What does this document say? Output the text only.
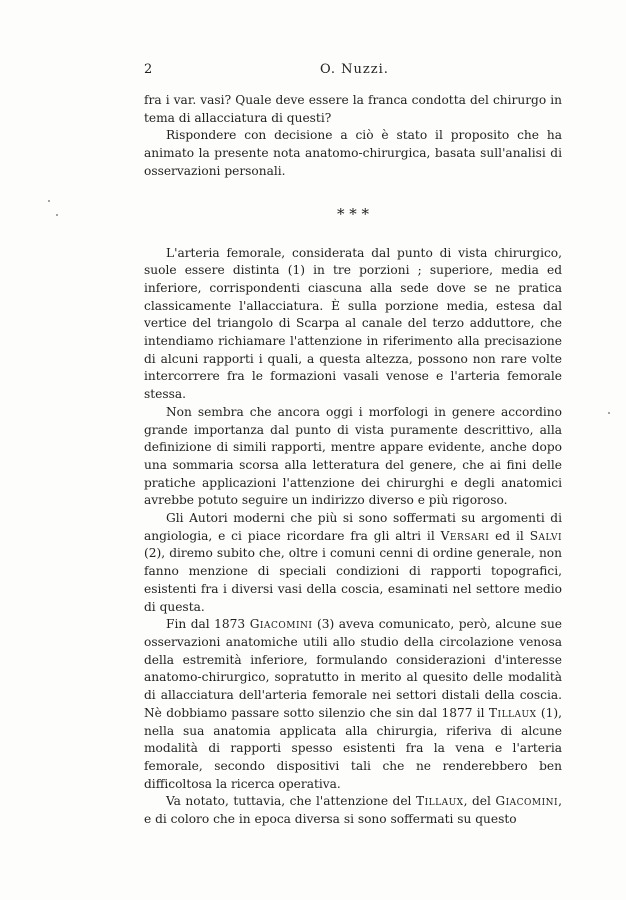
2	O. Nuzzi.

fra i var. vasi? Quale deve essere la franca condotta del chirurgo in tema di allacciatura di questi?

Rispondere con decisione a ciò è stato il proposito che ha animato la presente nota anatomo-chirurgica, basata sull'analisi di osservazioni personali.

* * *

L'arteria femorale, considerata dal punto di vista chirurgico, suole essere distinta (1) in tre porzioni ; superiore, media ed inferiore, corrispondenti ciascuna alla sede dove se ne pratica classicamente l'allacciatura. È sulla porzione media, estesa dal vertice del triangolo di Scarpa al canale del terzo adduttore, che intendiamo richiamare l'attenzione in riferimento alla precisazione di alcuni rapporti i quali, a questa altezza, possono non rare volte intercorrere fra le formazioni vasali venose e l'arteria femorale stessa.

Non sembra che ancora oggi i morfologi in genere accordino grande importanza dal punto di vista puramente descrittivo, alla definizione di simili rapporti, mentre appare evidente, anche dopo una sommaria scorsa alla letteratura del genere, che ai fini delle pratiche applicazioni l'attenzione dei chirurghi e degli anatomici avrebbe potuto seguire un indirizzo diverso e più rigoroso.

Gli Autori moderni che più si sono soffermati su argomenti di angiologia, e ci piace ricordare fra gli altri il Versari ed il Salvi (2), diremo subito che, oltre i comuni cenni di ordine generale, non fanno menzione di speciali condizioni di rapporti topografici, esistenti fra i diversi vasi della coscia, esaminati nel settore medio di questa.

Fin dal 1873 Giacomini (3) aveva comunicato, però, alcune sue osservazioni anatomiche utili allo studio della circolazione venosa della estremità inferiore, formulando considerazioni d'interesse anatomo-chirurgico, sopratutto in merito al quesito delle modalità di allacciatura dell'arteria femorale nei settori distali della coscia. Nè dobbiamo passare sotto silenzio che sin dal 1877 il Tillaux (1), nella sua anatomia applicata alla chirurgia, riferiva di alcune modalità di rapporti spesso esistenti fra la vena e l'arteria femorale, secondo dispositivi tali che ne renderebbero ben difficoltosa la ricerca operativa.

Va notato, tuttavia, che l'attenzione del Tillaux, del Giacomini, e di coloro che in epoca diversa si sono soffermati su questo
